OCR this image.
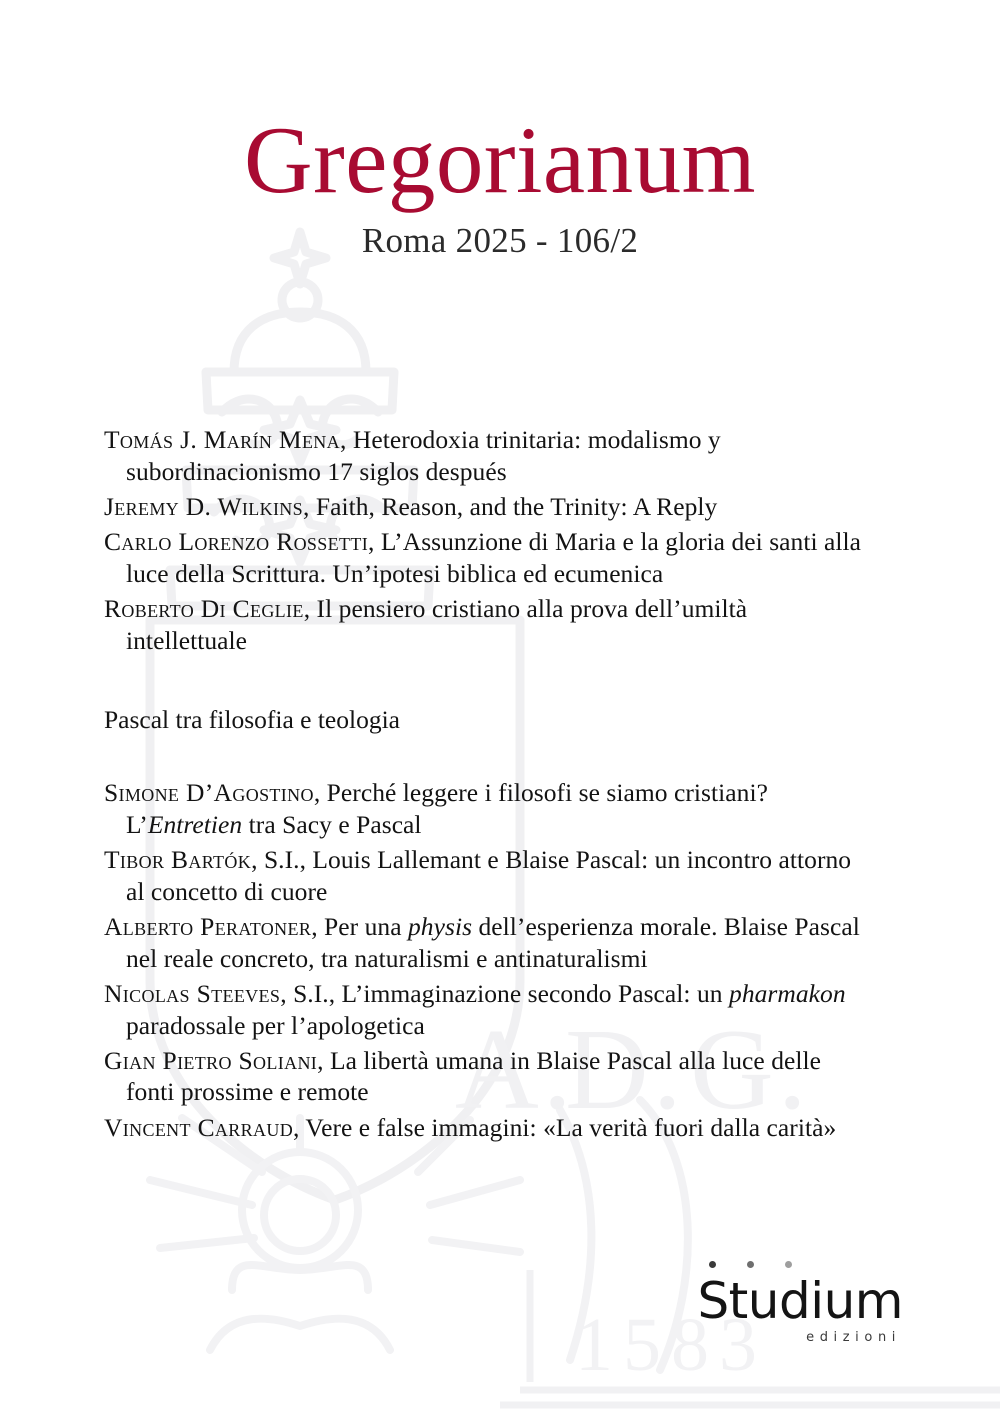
A.
D. G.
1583
Gregorianum
Roma 2025 - 106/2

Tomás J. Marín Mena, Heterodoxia trinitaria: modalismo y subordinacionismo 17 siglos después

Jeremy D. Wilkins, Faith, Reason, and the Trinity: A Reply

Carlo Lorenzo Rossetti, L’Assunzione di Maria e la gloria dei santi alla luce della Scrittura. Un’ipotesi biblica ed ecumenica

Roberto Di Ceglie, Il pensiero cristiano alla prova dell’umiltà intellettuale

Pascal tra filosofia e teologia

Simone D’Agostino, Perché leggere i filosofi se siamo cristiani? L’Entretien tra Sacy e Pascal

Tibor Bartók, S.I., Louis Lallemant e Blaise Pascal: un incontro attorno al concetto di cuore

Alberto Peratoner, Per una physis dell’esperienza morale. Blaise Pascal nel reale concreto, tra naturalismi e antinaturalismi

Nicolas Steeves, S.I., L’immaginazione secondo Pascal: un pharmakon paradossale per l’apologetica

Gian Pietro Soliani, La libertà umana in Blaise Pascal alla luce delle fonti prossime e remote

Vincent Carraud, Vere e false immagini: «La verità fuori dalla carità»

Studium
edizioni
